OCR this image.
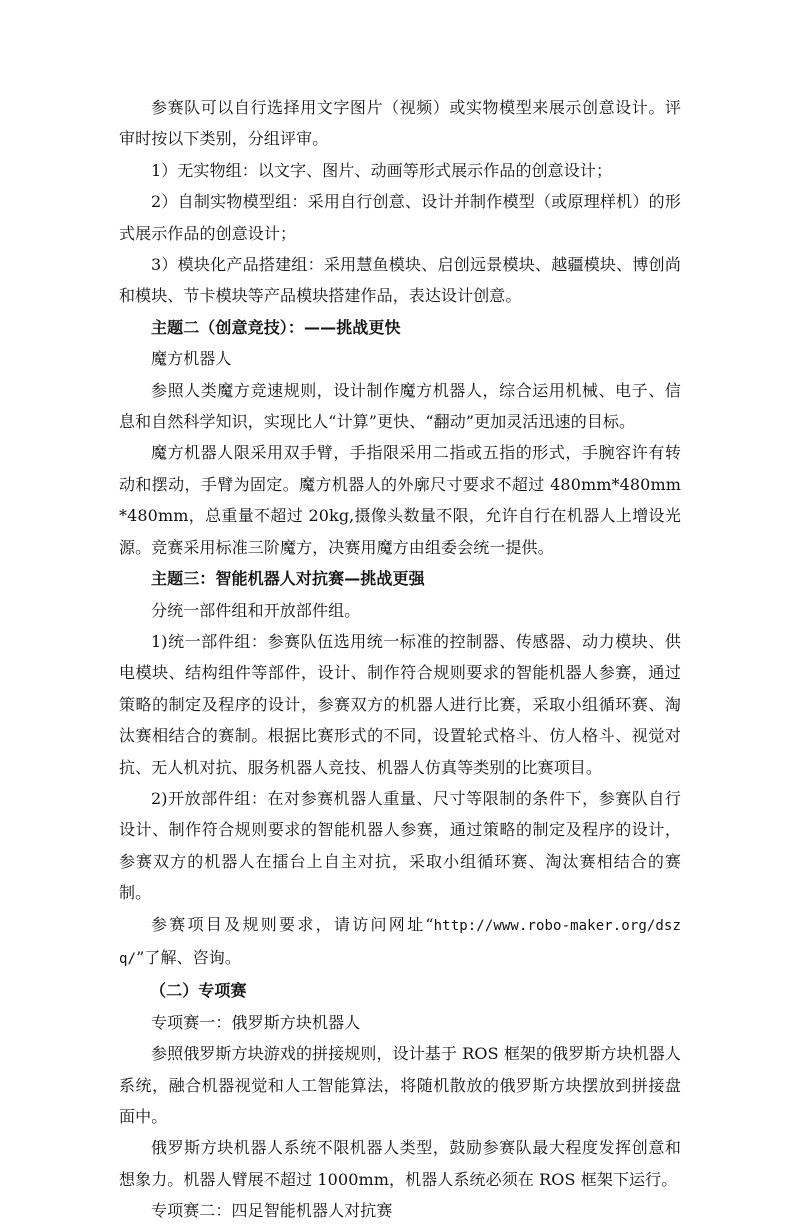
参赛队可以自行选择用文字图片（视频）或实物模型来展示创意设计。评审时按以下类别，分组评审。

1）无实物组：以文字、图片、动画等形式展示作品的创意设计；

2）自制实物模型组：采用自行创意、设计并制作模型（或原理样机）的形式展示作品的创意设计；

3）模块化产品搭建组：采用慧鱼模块、启创远景模块、越疆模块、博创尚和模块、节卡模块等产品模块搭建作品，表达设计创意。

主题二（创意竞技）：——挑战更快

魔方机器人

参照人类魔方竞速规则，设计制作魔方机器人，综合运用机械、电子、信息和自然科学知识，实现比人“计算”更快、“翻动”更加灵活迅速的目标。

魔方机器人限采用双手臂，手指限采用二指或五指的形式，手腕容许有转动和摆动，手臂为固定。魔方机器人的外廓尺寸要求不超过 480mm*480mm*480mm，总重量不超过 20kg,摄像头数量不限，允许自行在机器人上增设光源。竞赛采用标准三阶魔方，决赛用魔方由组委会统一提供。

主题三：智能机器人对抗赛—挑战更强

分统一部件组和开放部件组。

1)统一部件组：参赛队伍选用统一标准的控制器、传感器、动力模块、供电模块、结构组件等部件，设计、制作符合规则要求的智能机器人参赛，通过策略的制定及程序的设计，参赛双方的机器人进行比赛，采取小组循环赛、淘汰赛相结合的赛制。根据比赛形式的不同，设置轮式格斗、仿人格斗、视觉对抗、无人机对抗、服务机器人竞技、机器人仿真等类别的比赛项目。

2)开放部件组：在对参赛机器人重量、尺寸等限制的条件下，参赛队自行设计、制作符合规则要求的智能机器人参赛，通过策略的制定及程序的设计，参赛双方的机器人在擂台上自主对抗，采取小组循环赛、淘汰赛相结合的赛制。

参赛项目及规则要求，请访问网址“http://www.robo-maker.org/dszq/”了解、咨询。

（二）专项赛

专项赛一：俄罗斯方块机器人

参照俄罗斯方块游戏的拼接规则，设计基于 ROS 框架的俄罗斯方块机器人系统，融合机器视觉和人工智能算法，将随机散放的俄罗斯方块摆放到拼接盘面中。

俄罗斯方块机器人系统不限机器人类型，鼓励参赛队最大程度发挥创意和想象力。机器人臂展不超过 1000mm，机器人系统必须在 ROS 框架下运行。

专项赛二：四足智能机器人对抗赛
